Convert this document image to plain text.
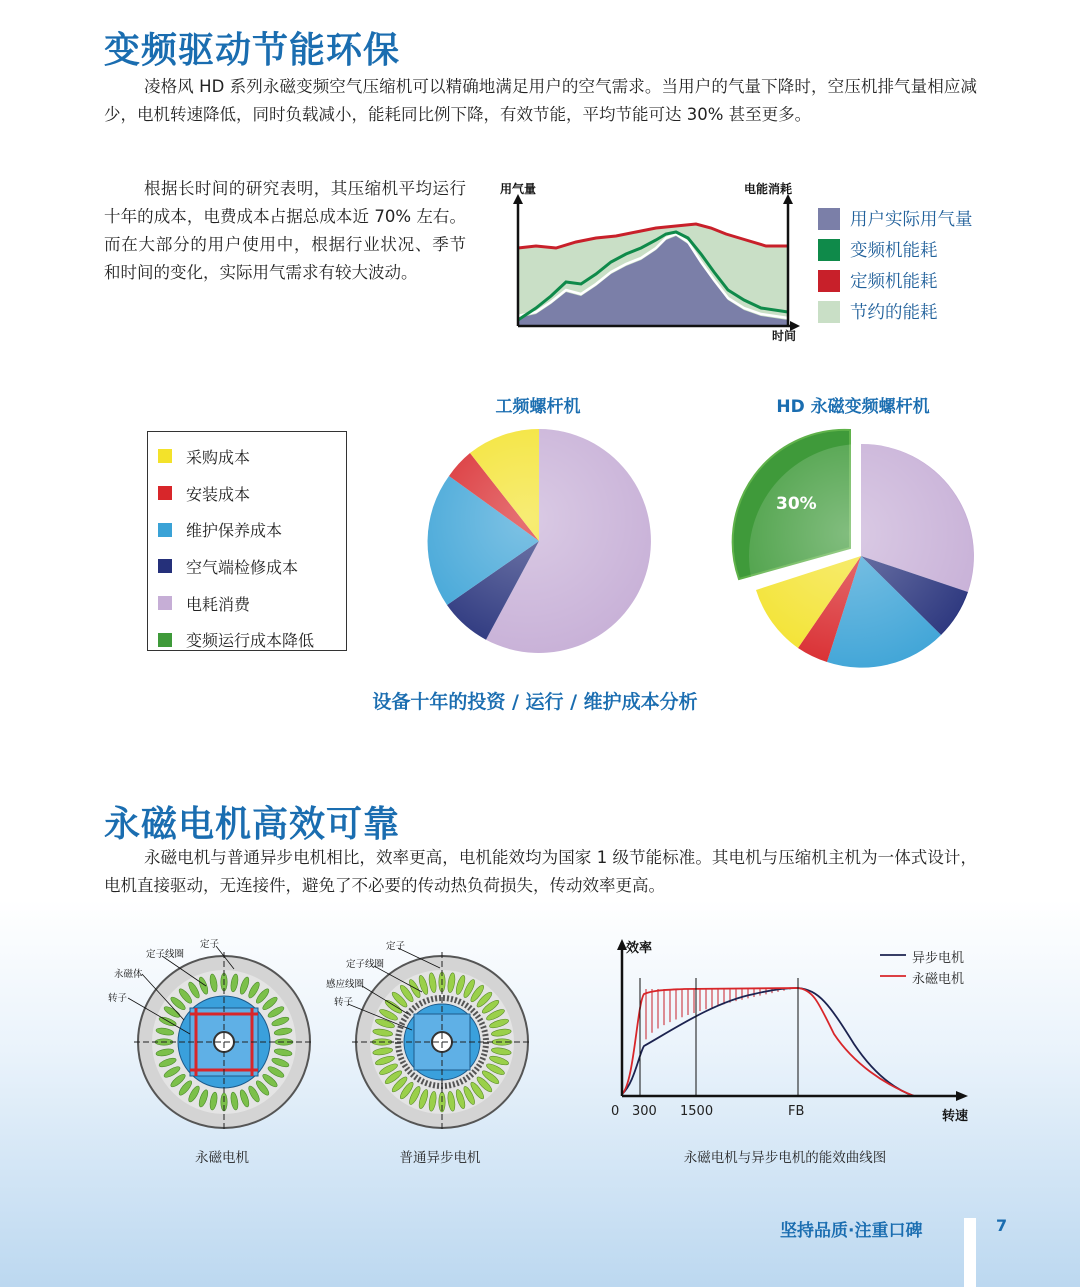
变频驱动节能环保
凌格风 HD 系列永磁变频空气压缩机可以精确地满足用户的空气需求。当用户的气量下降时，空压机排气量相应减少，电机转速降低，同时负载减小，能耗同比例下降，有效节能，平均节能可达 30% 甚至更多。
根据长时间的研究表明，其压缩机平均运行十年的成本，电费成本占据总成本近 70% 左右。而在大部分的用户使用中，根据行业状况、季节和时间的变化，实际用气需求有较大波动。
用气量	电能消耗
时间
用户实际用气量
变频机能耗
定频机能耗
节约的能耗
采购成本
安装成本
维护保养成本
空气端检修成本
电耗消费
变频运行成本降低
工频螺杆机	HD 永磁变频螺杆机
30%
设备十年的投资 / 运行 / 维护成本分析
永磁电机高效可靠
永磁电机与普通异步电机相比，效率更高，电机能效均为国家 1 级节能标准。其电机与压缩机主机为一体式设计，电机直接驱动，无连接件，避免了不必要的传动热负荷损失，传动效率更高。
定子
定子线圈
永磁体
转子
定子
定子线圈
感应线圈
转子
永磁电机	普通异步电机
效率
转速
0 300 1500	FB
异步电机
永磁电机
永磁电机与异步电机的能效曲线图
坚持品质·注重口碑	7
